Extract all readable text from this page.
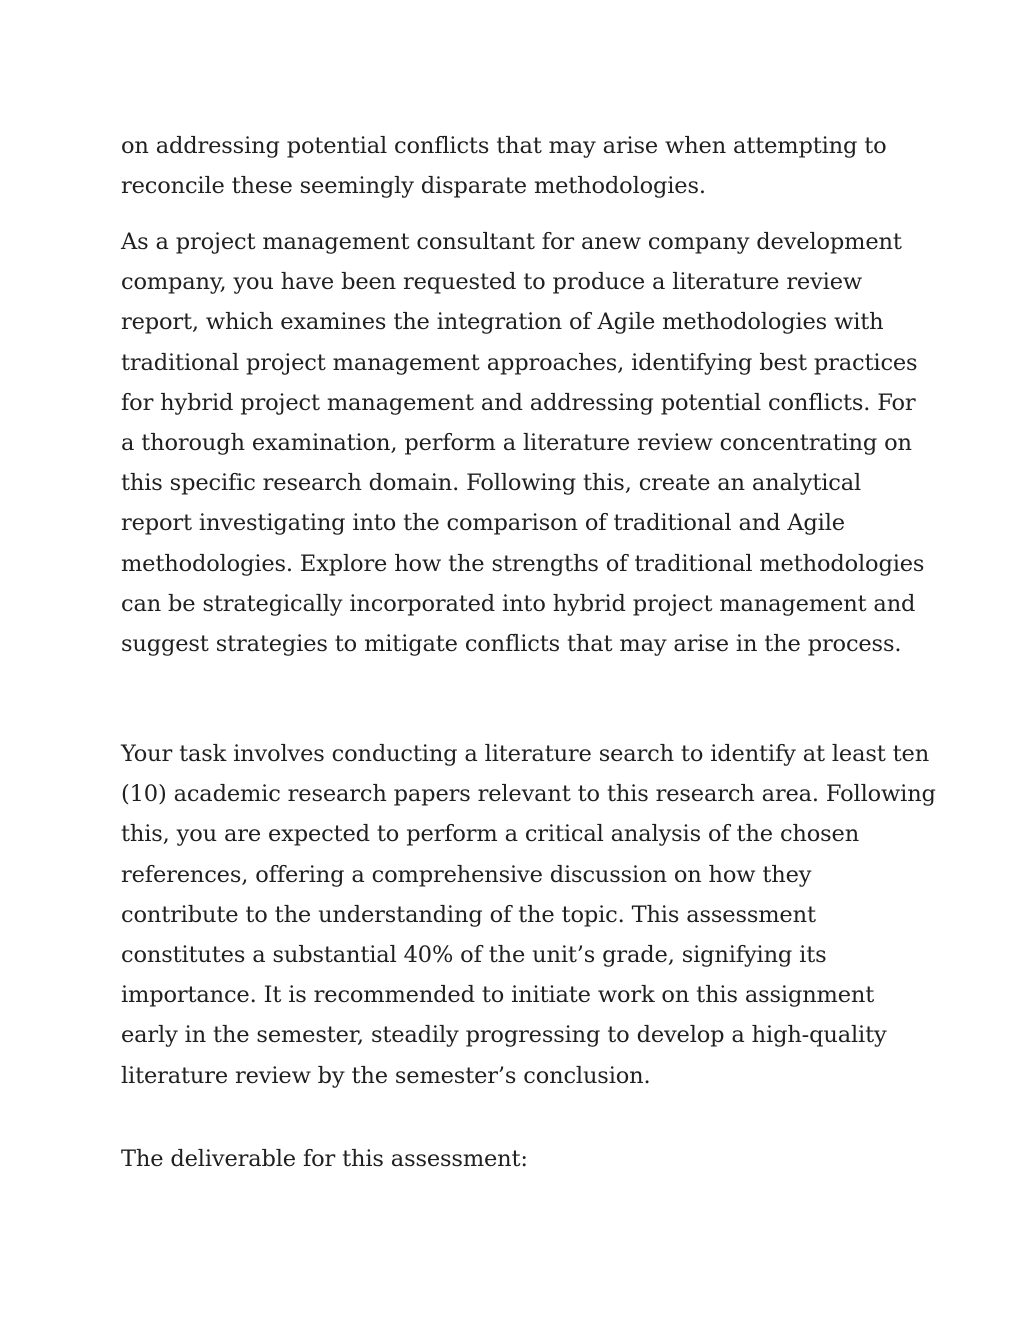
on addressing potential conflicts that may arise when attempting to
reconcile these seemingly disparate methodologies.
As a project management consultant for anew company development
company, you have been requested to produce a literature review
report, which examines the integration of Agile methodologies with
traditional project management approaches, identifying best practices
for hybrid project management and addressing potential conflicts. For
a thorough examination, perform a literature review concentrating on
this specific research domain. Following this, create an analytical
report investigating into the comparison of traditional and Agile
methodologies. Explore how the strengths of traditional methodologies
can be strategically incorporated into hybrid project management and
suggest strategies to mitigate conflicts that may arise in the process.
Your task involves conducting a literature search to identify at least ten
(10) academic research papers relevant to this research area. Following
this, you are expected to perform a critical analysis of the chosen
references, offering a comprehensive discussion on how they
contribute to the understanding of the topic. This assessment
constitutes a substantial 40% of the unit’s grade, signifying its
importance. It is recommended to initiate work on this assignment
early in the semester, steadily progressing to develop a high-quality
literature review by the semester’s conclusion.
The deliverable for this assessment:
